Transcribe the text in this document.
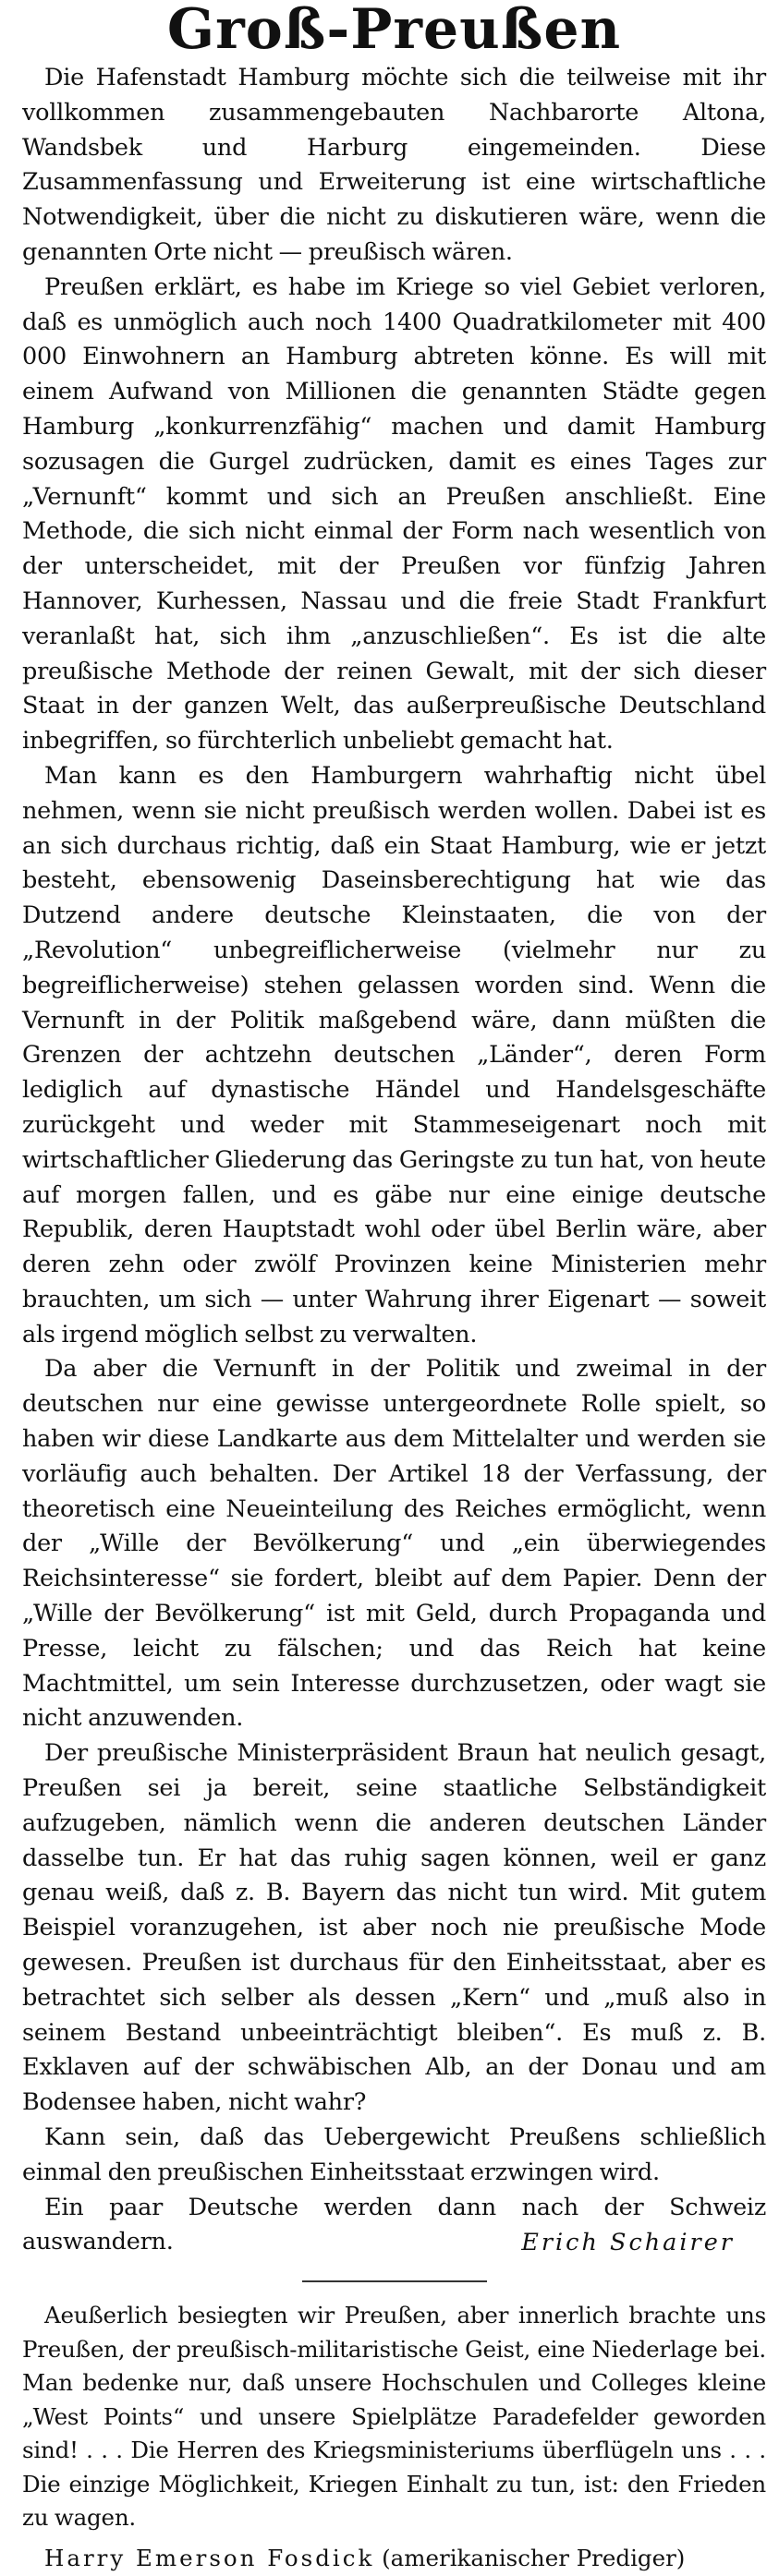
Groß-Preußen

Die Hafenstadt Hamburg möchte sich die teilweise mit ihr vollkommen zusammengebauten Nachbarorte Altona, Wandsbek und Harburg eingemeinden. Diese Zusammenfassung und Erweiterung ist eine wirtschaftliche Notwendigkeit, über die nicht zu diskutieren wäre, wenn die genannten Orte nicht — preußisch wären.

Preußen erklärt, es habe im Kriege so viel Gebiet verloren, daß es unmöglich auch noch 1400 Quadratkilometer mit 400 000 Einwohnern an Hamburg abtreten könne. Es will mit einem Aufwand von Millionen die genannten Städte gegen Hamburg „konkurrenzfähig“ machen und damit Hamburg sozusagen die Gurgel zudrücken, damit es eines Tages zur „Vernunft“ kommt und sich an Preußen anschließt. Eine Methode, die sich nicht einmal der Form nach wesentlich von der unterscheidet, mit der Preußen vor fünfzig Jahren Hannover, Kurhessen, Nassau und die freie Stadt Frankfurt veranlaßt hat, sich ihm „anzuschließen“. Es ist die alte preußische Methode der reinen Gewalt, mit der sich dieser Staat in der ganzen Welt, das außerpreußische Deutschland inbegriffen, so fürchterlich unbeliebt gemacht hat.

Man kann es den Hamburgern wahrhaftig nicht übel nehmen, wenn sie nicht preußisch werden wollen. Dabei ist es an sich durchaus richtig, daß ein Staat Hamburg, wie er jetzt besteht, ebensowenig Daseinsberechtigung hat wie das Dutzend andere deutsche Kleinstaaten, die von der „Revolution“ unbegreiflicherweise (vielmehr nur zu begreiflicherweise) stehen gelassen worden sind. Wenn die Vernunft in der Politik maßgebend wäre, dann müßten die Grenzen der achtzehn deutschen „Länder“, deren Form lediglich auf dynastische Händel und Handelsgeschäfte zurückgeht und weder mit Stammeseigenart noch mit wirtschaftlicher Gliederung das Geringste zu tun hat, von heute auf morgen fallen, und es gäbe nur eine einige deutsche Republik, deren Hauptstadt wohl oder übel Berlin wäre, aber deren zehn oder zwölf Provinzen keine Ministerien mehr brauchten, um sich — unter Wahrung ihrer Eigenart — soweit als irgend möglich selbst zu verwalten.

Da aber die Vernunft in der Politik und zweimal in der deutschen nur eine gewisse untergeordnete Rolle spielt, so haben wir diese Landkarte aus dem Mittelalter und werden sie vorläufig auch behalten. Der Artikel 18 der Verfassung, der theoretisch eine Neueinteilung des Reiches ermöglicht, wenn der „Wille der Bevölkerung“ und „ein überwiegendes Reichsinteresse“ sie fordert, bleibt auf dem Papier. Denn der „Wille der Bevölkerung“ ist mit Geld, durch Propaganda und Presse, leicht zu fälschen; und das Reich hat keine Machtmittel, um sein Interesse durchzusetzen, oder wagt sie nicht anzuwenden.

Der preußische Ministerpräsident Braun hat neulich gesagt, Preußen sei ja bereit, seine staatliche Selbständigkeit aufzugeben, nämlich wenn die anderen deutschen Länder dasselbe tun. Er hat das ruhig sagen können, weil er ganz genau weiß, daß z. B. Bayern das nicht tun wird. Mit gutem Beispiel voranzugehen, ist aber noch nie preußische Mode gewesen. Preußen ist durchaus für den Einheitsstaat, aber es betrachtet sich selber als dessen „Kern“ und „muß also in seinem Bestand unbeeinträchtigt bleiben“. Es muß z. B. Exklaven auf der schwäbischen Alb, an der Donau und am Bodensee haben, nicht wahr?

Kann sein, daß das Uebergewicht Preußens schließlich einmal den preußischen Einheitsstaat erzwingen wird.

Ein paar Deutsche werden dann nach der Schweiz auswandern.	Erich Schairer

Aeußerlich besiegten wir Preußen, aber innerlich brachte uns Preußen, der preußisch-militaristische Geist, eine Niederlage bei. Man bedenke nur, daß unsere Hochschulen und Colleges kleine „West Points“ und unsere Spielplätze Paradefelder geworden sind! . . . Die Herren des Kriegsministeriums überflügeln uns . . . Die einzige Möglichkeit, Kriegen Einhalt zu tun, ist: den Frieden zu wagen.

Harry Emerson Fosdick (amerikanischer Prediger)
